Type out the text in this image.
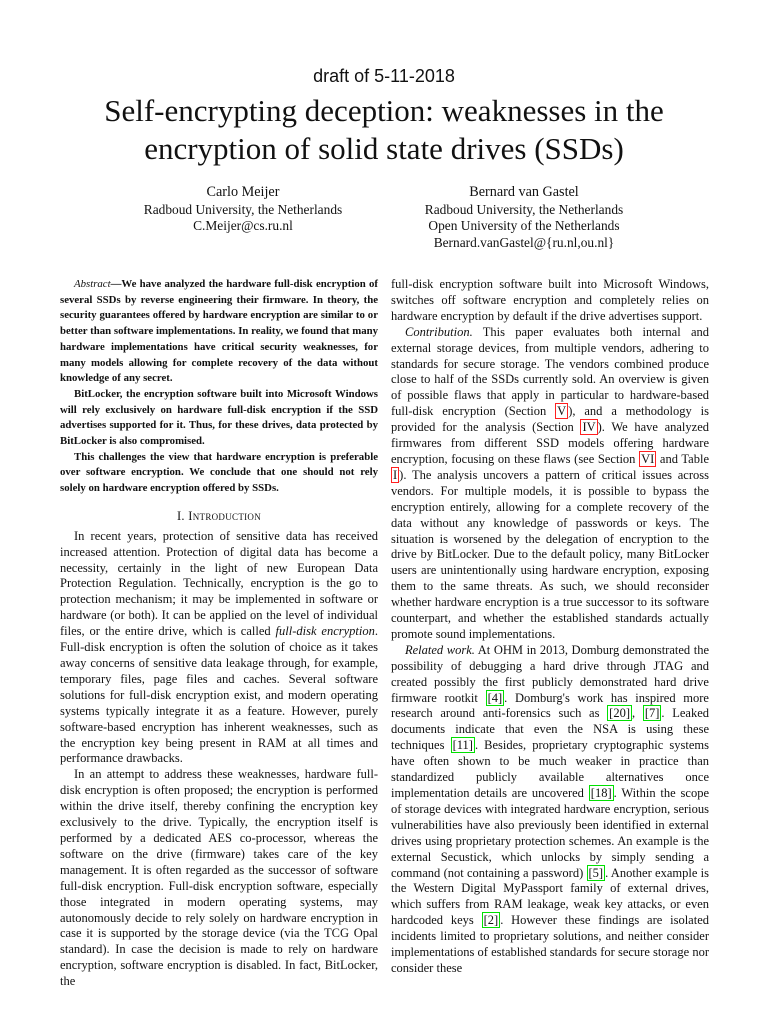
draft of 5-11-2018
Self-encrypting deception: weaknesses in the
encryption of solid state drives (SSDs)
Carlo Meijer
Radboud University, the Netherlands
C.Meijer@cs.ru.nl
Bernard van Gastel
Radboud University, the Netherlands
Open University of the Netherlands
Bernard.vanGastel@{ru.nl,ou.nl}

Abstract—We have analyzed the hardware full-disk encryption of several SSDs by reverse engineering their firmware. In theory, the security guarantees offered by hardware encryption are similar to or better than software implementations. In reality, we found that many hardware implementations have critical security weaknesses, for many models allowing for complete recovery of the data without knowledge of any secret.

BitLocker, the encryption software built into Microsoft Windows will rely exclusively on hardware full-disk encryption if the SSD advertises supported for it. Thus, for these drives, data protected by BitLocker is also compromised.

This challenges the view that hardware encryption is preferable over software encryption. We conclude that one should not rely solely on hardware encryption offered by SSDs.

I. Introduction

In recent years, protection of sensitive data has received increased attention. Protection of digital data has become a necessity, certainly in the light of new European Data Protection Regulation. Technically, encryption is the go to protection mechanism; it may be implemented in software or hardware (or both). It can be applied on the level of individual files, or the entire drive, which is called full-disk encryption. Full-disk encryption is often the solution of choice as it takes away concerns of sensitive data leakage through, for example, temporary files, page files and caches. Several software solutions for full-disk encryption exist, and modern operating systems typically integrate it as a feature. However, purely software-based encryption has inherent weaknesses, such as the encryption key being present in RAM at all times and performance drawbacks.

In an attempt to address these weaknesses, hardware full-disk encryption is often proposed; the encryption is performed within the drive itself, thereby confining the encryption key exclusively to the drive. Typically, the encryption itself is performed by a dedicated AES co-processor, whereas the software on the drive (firmware) takes care of the key management. It is often regarded as the successor of software full-disk encryption. Full-disk encryption software, especially those integrated in modern operating systems, may autonomously decide to rely solely on hardware encryption in case it is supported by the storage device (via the TCG Opal standard). In case the decision is made to rely on hardware encryption, software encryption is disabled. In fact, BitLocker, the

full-disk encryption software built into Microsoft Windows, switches off software encryption and completely relies on hardware encryption by default if the drive advertises support.

Contribution. This paper evaluates both internal and external storage devices, from multiple vendors, adhering to standards for secure storage. The vendors combined produce close to half of the SSDs currently sold. An overview is given of possible flaws that apply in particular to hardware-based full-disk encryption (Section V ), and a methodology is provided for the analysis (Section IV ). We have analyzed firmwares from different SSD models offering hardware encryption, focusing on these flaws (see Section VI and Table I ). The analysis uncovers a pattern of critical issues across vendors. For multiple models, it is possible to bypass the encryption entirely, allowing for a complete recovery of the data without any knowledge of passwords or keys. The situation is worsened by the delegation of encryption to the drive by BitLocker. Due to the default policy, many BitLocker users are unintentionally using hardware encryption, exposing them to the same threats. As such, we should reconsider whether hardware encryption is a true successor to its software counterpart, and whether the established standards actually promote sound implementations.

Related work. At OHM in 2013, Domburg demonstrated the possibility of debugging a hard drive through JTAG and created possibly the first publicly demonstrated hard drive firmware rootkit [4] . Domburg's work has inspired more research around anti-forensics such as [20] , [7] . Leaked documents indicate that even the NSA is using these techniques [11] . Besides, proprietary cryptographic systems have often shown to be much weaker in practice than standardized publicly available alternatives once implementation details are uncovered [18] . Within the scope of storage devices with integrated hardware encryption, serious vulnerabilities have also previously been identified in external drives using proprietary protection schemes. An example is the external Secustick, which unlocks by simply sending a command (not containing a password) [5] . Another example is the Western Digital MyPassport family of external drives, which suffers from RAM leakage, weak key attacks, or even hardcoded keys [2] . However these findings are isolated incidents limited to proprietary solutions, and neither consider implementations of established standards for secure storage nor consider these
